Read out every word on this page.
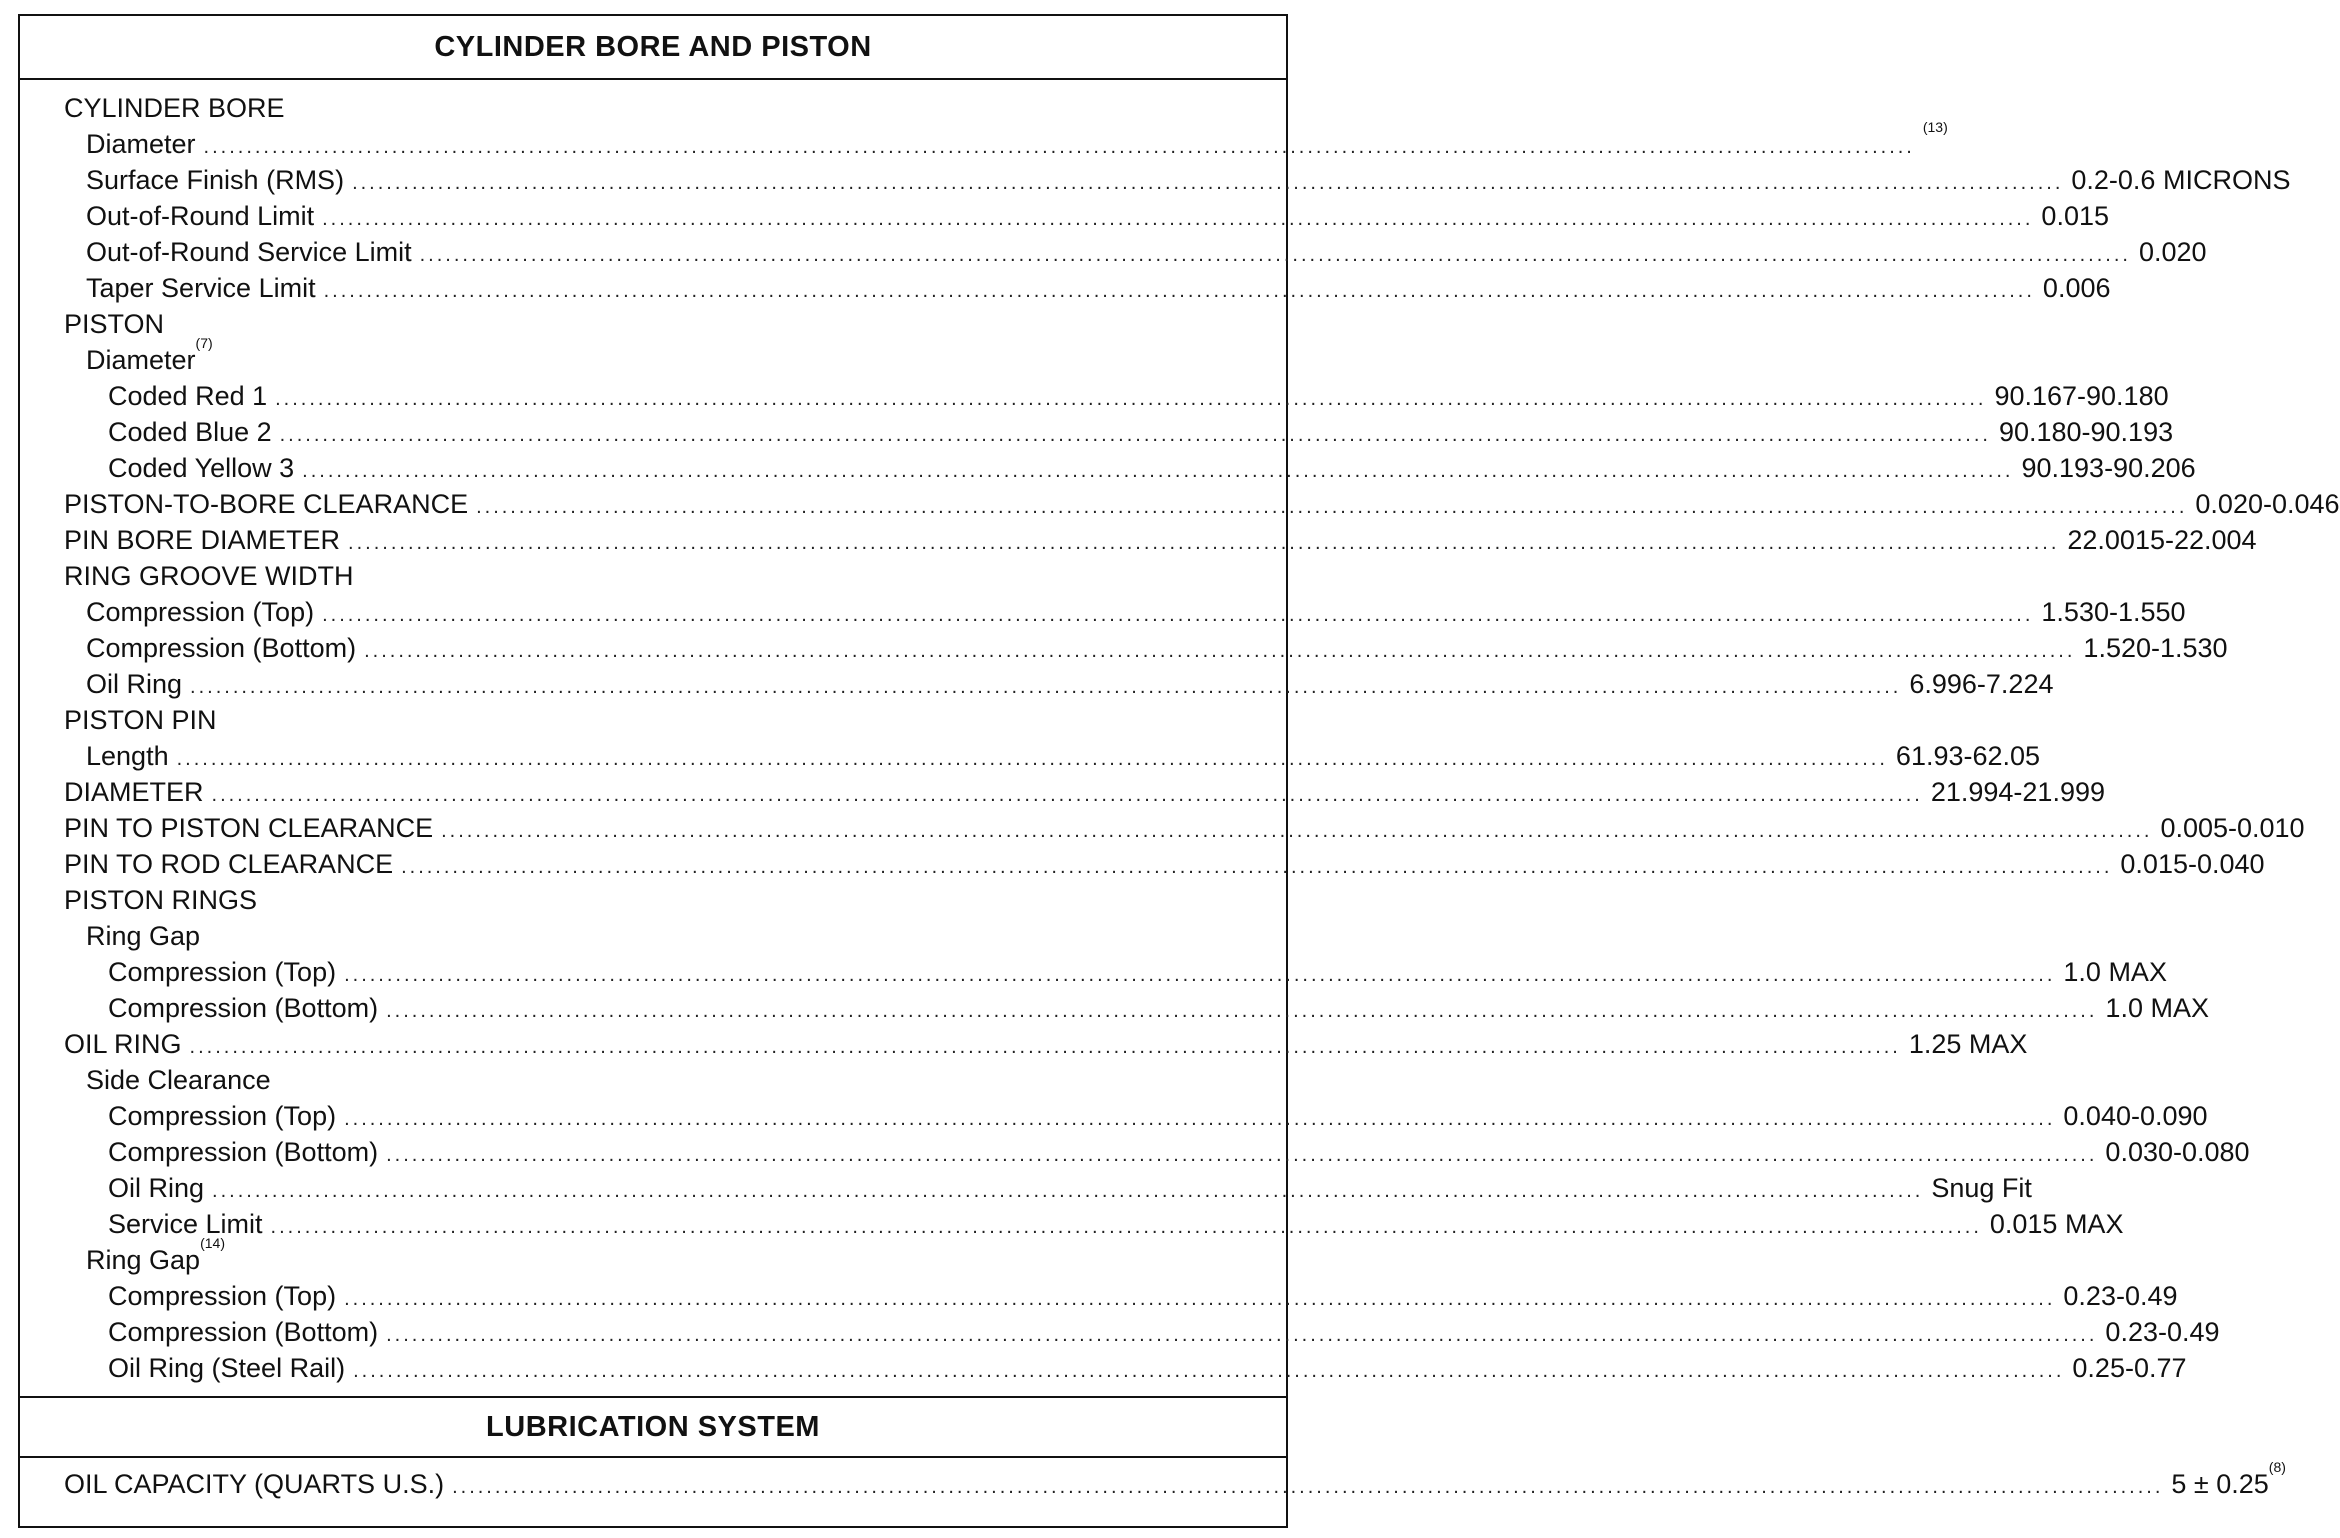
CYLINDER BORE AND PISTON
CYLINDER BORE
Diameter ........................................................................................................................................................................................................
$^{(13)}$
Surface Finish (RMS) ........................................................................................................................................................................................................ 0.2-0.6 MICRONS
Out-of-Round Limit ........................................................................................................................................................................................................ 0.015
Out-of-Round Service Limit ........................................................................................................................................................................................................ 0.020
Taper Service Limit ........................................................................................................................................................................................................ 0.006
PISTON
Diameter$^{(7)}$
Coded Red 1 ........................................................................................................................................................................................................ 90.167-90.180
Coded Blue 2 ........................................................................................................................................................................................................ 90.180-90.193
Coded Yellow 3 ........................................................................................................................................................................................................ 90.193-90.206
PISTON-TO-BORE CLEARANCE ........................................................................................................................................................................................................ 0.020-0.046
PIN BORE DIAMETER ........................................................................................................................................................................................................ 22.0015-22.004
RING GROOVE WIDTH
Compression (Top) ........................................................................................................................................................................................................ 1.530-1.550
Compression (Bottom) ........................................................................................................................................................................................................ 1.520-1.530
Oil Ring ........................................................................................................................................................................................................ 6.996-7.224
PISTON PIN
Length ........................................................................................................................................................................................................ 61.93-62.05
DIAMETER ........................................................................................................................................................................................................ 21.994-21.999
PIN TO PISTON CLEARANCE ........................................................................................................................................................................................................ 0.005-0.010
PIN TO ROD CLEARANCE ........................................................................................................................................................................................................ 0.015-0.040
PISTON RINGS
Ring Gap
Compression (Top) ........................................................................................................................................................................................................ 1.0 MAX
Compression (Bottom) ........................................................................................................................................................................................................ 1.0 MAX
OIL RING ........................................................................................................................................................................................................ 1.25 MAX
Side Clearance
Compression (Top) ........................................................................................................................................................................................................ 0.040-0.090
Compression (Bottom) ........................................................................................................................................................................................................ 0.030-0.080
Oil Ring ........................................................................................................................................................................................................ Snug Fit
Service Limit ........................................................................................................................................................................................................ 0.015 MAX
Ring Gap$^{(14)}$
Compression (Top) ........................................................................................................................................................................................................ 0.23-0.49
Compression (Bottom) ........................................................................................................................................................................................................ 0.23-0.49
Oil Ring (Steel Rail) ........................................................................................................................................................................................................ 0.25-0.77
LUBRICATION SYSTEM
OIL CAPACITY (QUARTS U.S.) ........................................................................................................................................................................................................ $5 \pm 0.25^{(8)}$
